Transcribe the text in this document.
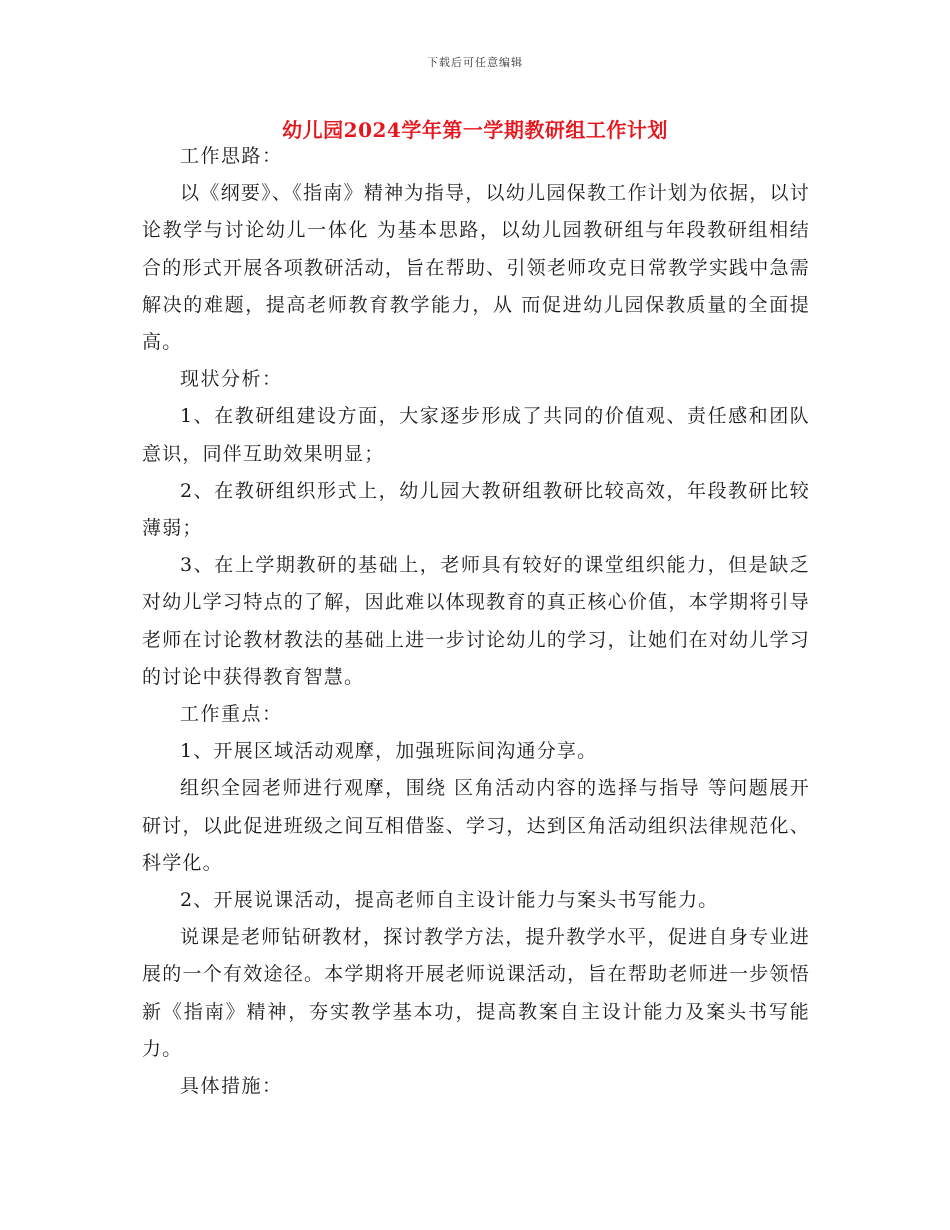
下载后可任意编辑
幼儿园2024学年第一学期教研组工作计划

工作思路：

以《纲要》、《指南》精神为指导，以幼儿园保教工作计划为依据，以讨论教学与讨论幼儿一体化 为基本思路，以幼儿园教研组与年段教研组相结合的形式开展各项教研活动，旨在帮助、引领老师攻克日常教学实践中急需解决的难题，提高老师教育教学能力，从 而促进幼儿园保教质量的全面提高。

现状分析：

1、在教研组建设方面，大家逐步形成了共同的价值观、责任感和团队意识，同伴互助效果明显；

2、在教研组织形式上，幼儿园大教研组教研比较高效，年段教研比较薄弱；

3、在上学期教研的基础上，老师具有较好的课堂组织能力，但是缺乏对幼儿学习特点的了解，因此难以体现教育的真正核心价值，本学期将引导老师在讨论教材教法的基础上进一步讨论幼儿的学习，让她们在对幼儿学习的讨论中获得教育智慧。

工作重点：

1、开展区域活动观摩，加强班际间沟通分享。

组织全园老师进行观摩，围绕 区角活动内容的选择与指导 等问题展开研讨，以此促进班级之间互相借鉴、学习，达到区角活动组织法律规范化、科学化。

2、开展说课活动，提高老师自主设计能力与案头书写能力。

说课是老师钻研教材，探讨教学方法，提升教学水平，促进自身专业进展的一个有效途径。本学期将开展老师说课活动，旨在帮助老师进一步领悟新《指南》精神，夯实教学基本功，提高教案自主设计能力及案头书写能力。

具体措施：
